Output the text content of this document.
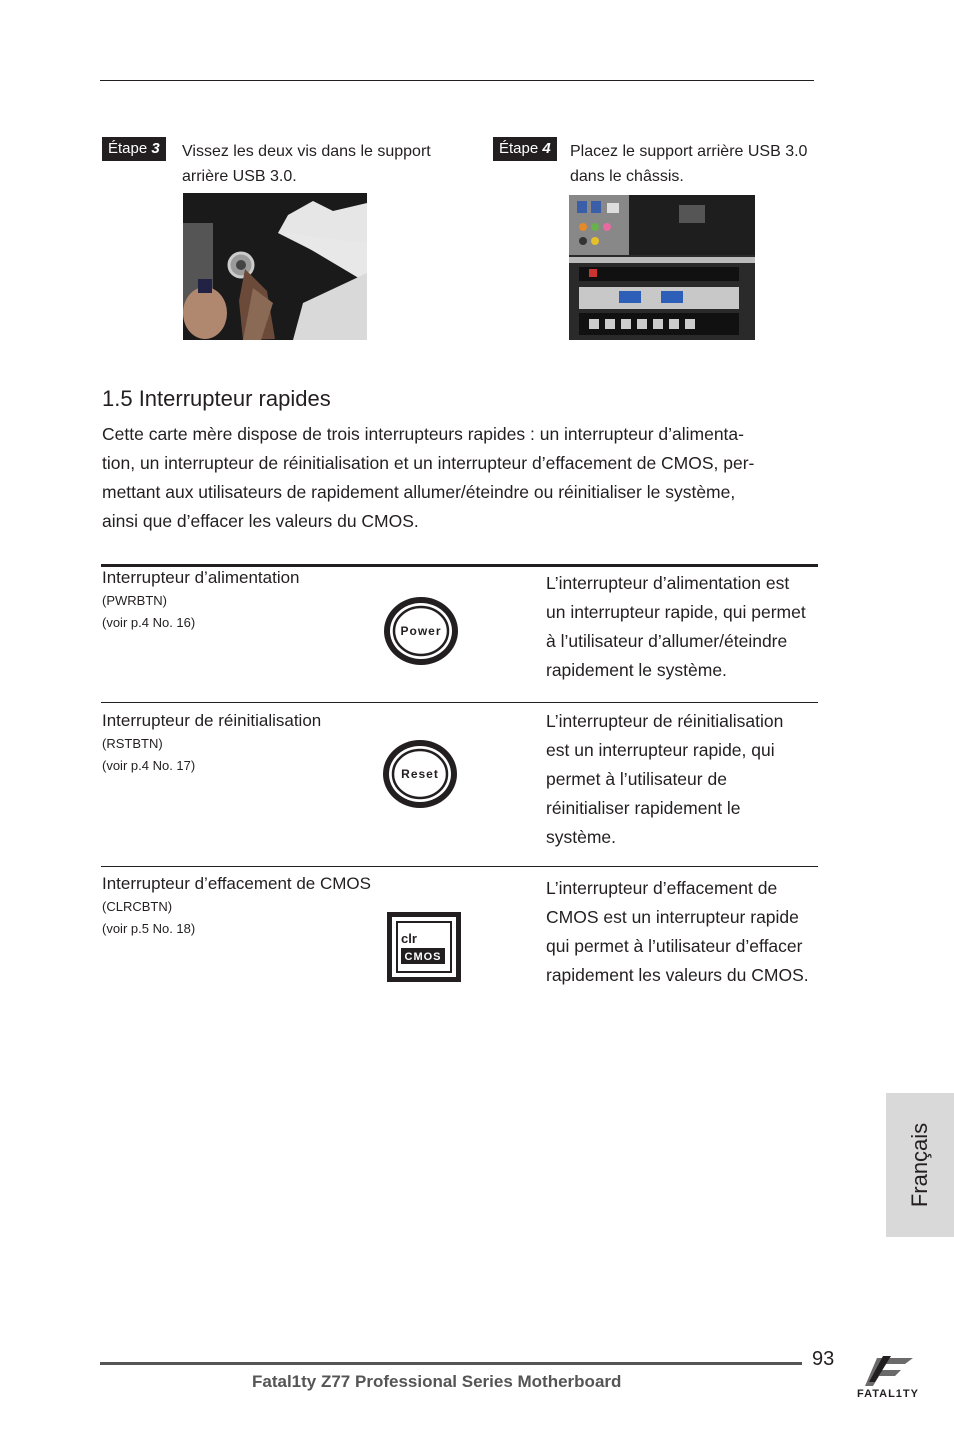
Étape 3	Vissez les deux vis dans le support
arrière USB 3.0.
Étape 4	Placez le support arrière USB 3.0
dans le châssis.
1.5 Interrupteur rapides
Cette carte mère dispose de trois interrupteurs rapides : un interrupteur d’alimenta-
tion, un interrupteur de réinitialisation et un interrupteur d’effacement de CMOS, per-
mettant aux utilisateurs de rapidement allumer/éteindre ou réinitialiser le système,
ainsi que d’effacer les valeurs du CMOS.
Interrupteur d’alimentation
(PWRBTN)
(voir p.4 No. 16)
Power
L’interrupteur d’alimentation est
un interrupteur rapide, qui permet
à l’utilisateur d’allumer/éteindre
rapidement le système.
Interrupteur de réinitialisation
(RSTBTN)
(voir p.4 No. 17)
Reset
L’interrupteur de réinitialisation
est un interrupteur rapide, qui
permet à l’utilisateur de
réinitialiser rapidement le
système.
Interrupteur d’effacement de CMOS
(CLRCBTN)
(voir p.5 No. 18)
clr
CMOS
L’interrupteur d’effacement de
CMOS est un interrupteur rapide
qui permet à l’utilisateur d’effacer
rapidement les valeurs du CMOS.
Français
93
Fatal1ty Z77 Professional Series Motherboard
FATAL1TY
